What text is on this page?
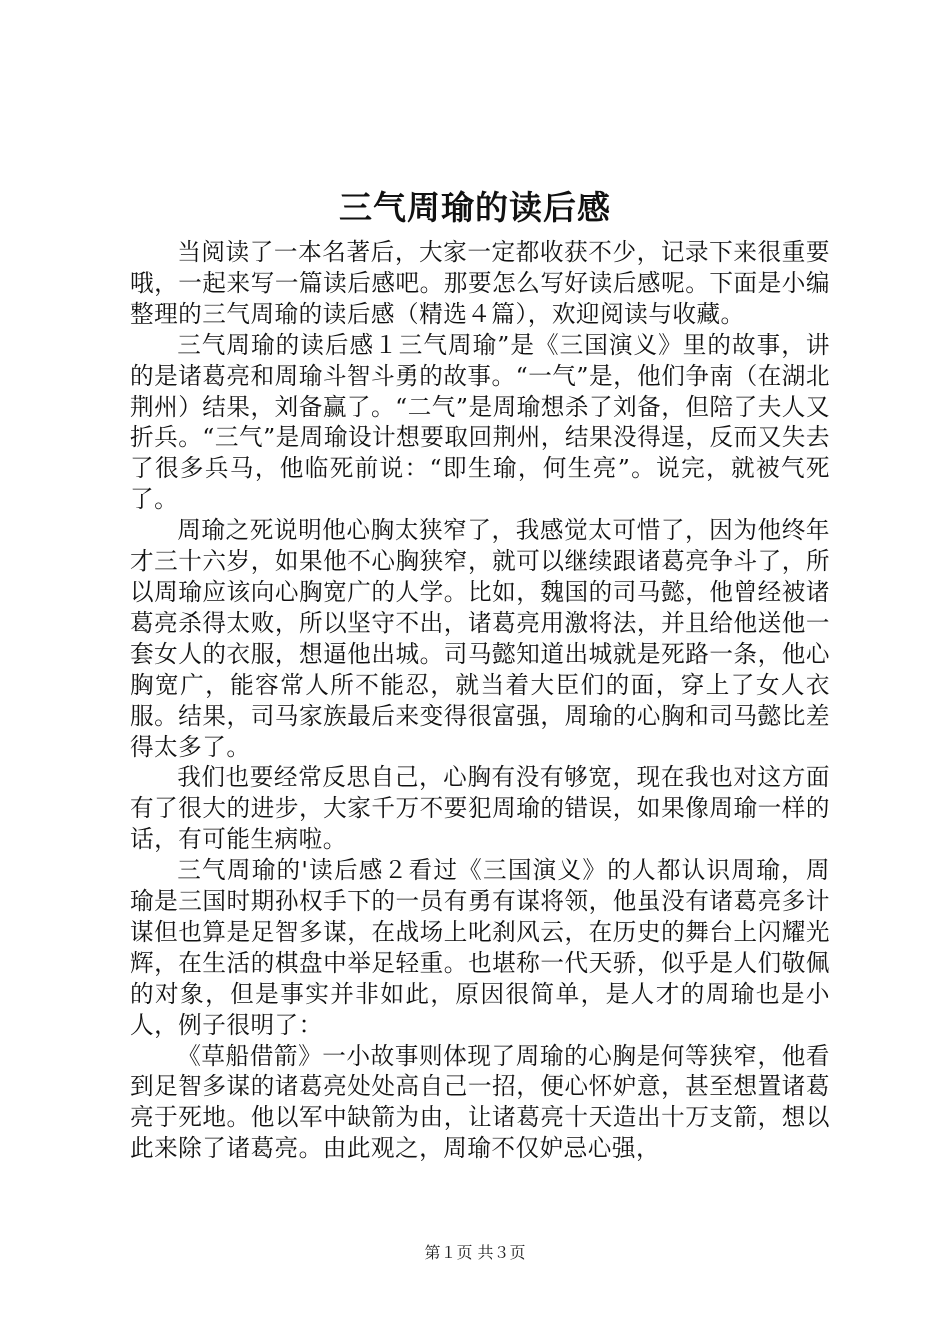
三气周瑜的读后感

当阅读了一本名著后，大家一定都收获不少，记录下来很重要哦，一起来写一篇读后感吧。那要怎么写好读后感呢。下面是小编整理的三气周瑜的读后感（精选４篇），欢迎阅读与收藏。

三气周瑜的读后感１三气周瑜”是《三国演义》里的故事，讲的是诸葛亮和周瑜斗智斗勇的故事。“一气”是，他们争南（在湖北荆州）结果，刘备赢了。“二气”是周瑜想杀了刘备，但陪了夫人又折兵。“三气”是周瑜设计想要取回荆州，结果没得逞，反而又失去了很多兵马，他临死前说：“即生瑜，何生亮”。说完，就被气死了。

周瑜之死说明他心胸太狭窄了，我感觉太可惜了，因为他终年才三十六岁，如果他不心胸狭窄，就可以继续跟诸葛亮争斗了，所以周瑜应该向心胸宽广的人学。比如，魏国的司马懿，他曾经被诸葛亮杀得太败，所以坚守不出，诸葛亮用激将法，并且给他送他一套女人的衣服，想逼他出城。司马懿知道出城就是死路一条，他心胸宽广，能容常人所不能忍，就当着大臣们的面，穿上了女人衣服。结果，司马家族最后来变得很富强，周瑜的心胸和司马懿比差得太多了。

我们也要经常反思自己，心胸有没有够宽，现在我也对这方面有了很大的进步，大家千万不要犯周瑜的错误，如果像周瑜一样的话，有可能生病啦。

三气周瑜的'读后感２看过《三国演义》的人都认识周瑜，周瑜是三国时期孙权手下的一员有勇有谋将领，他虽没有诸葛亮多计谋但也算是足智多谋，在战场上叱刹风云，在历史的舞台上闪耀光辉，在生活的棋盘中举足轻重。也堪称一代天骄，似乎是人们敬佩的对象，但是事实并非如此，原因很简单，是人才的周瑜也是小人，例子很明了：

《草船借箭》一小故事则体现了周瑜的心胸是何等狭窄，他看到足智多谋的诸葛亮处处高自己一招，便心怀妒意，甚至想置诸葛亮于死地。他以军中缺箭为由，让诸葛亮十天造出十万支箭，想以此来除了诸葛亮。由此观之，周瑜不仅妒忌心强，

第１页 共３页
